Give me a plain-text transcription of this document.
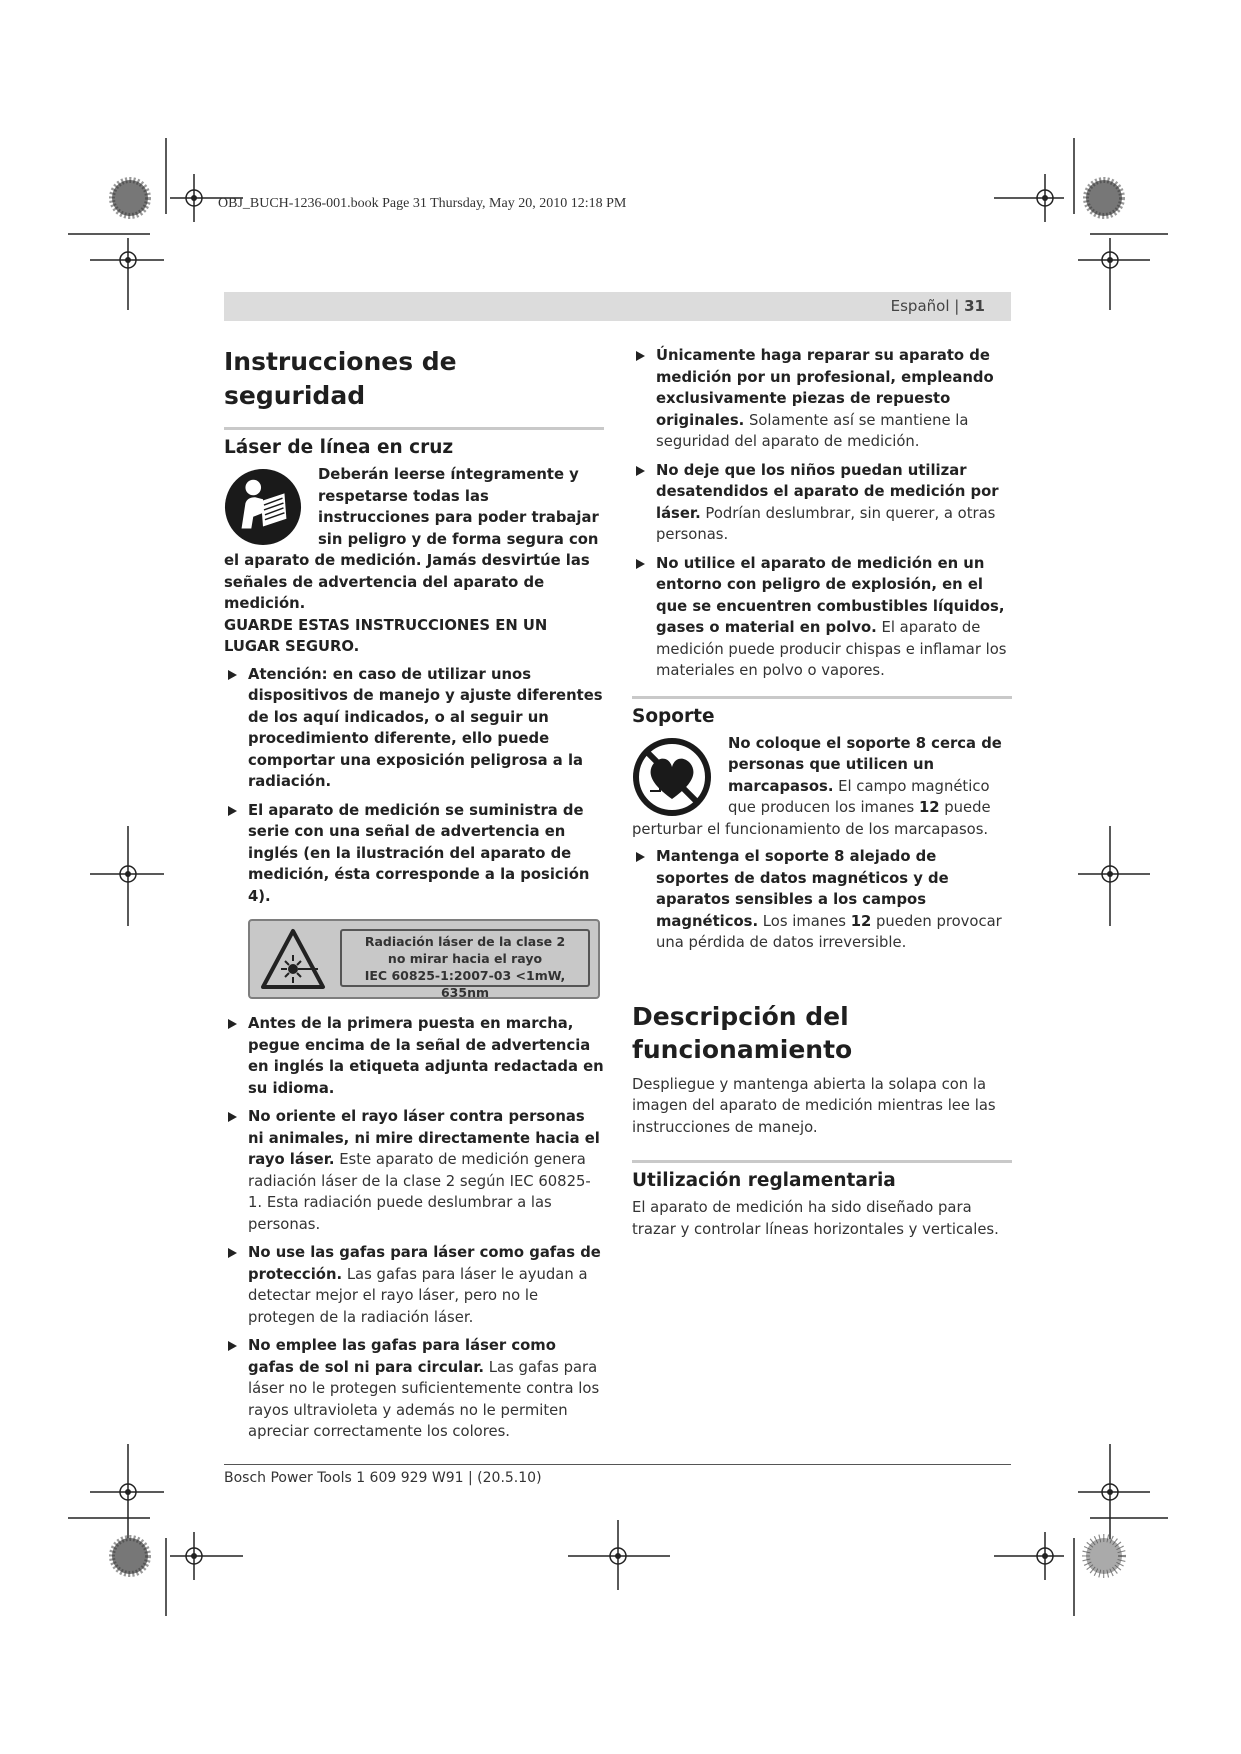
OBJ_BUCH-1236-001.book Page 31 Thursday, May 20, 2010 12:18 PM
Español | 31
Instrucciones de seguridad
Láser de línea en cruz

Deberán leerse íntegramente y respetarse todas las instrucciones para poder trabajar sin peligro y de forma segura con el aparato de medición. Jamás desvirtúe las señales de advertencia del aparato de medición.

GUARDE ESTAS INSTRUCCIONES EN UN LUGAR SEGURO.

Atención: en caso de utilizar unos dispositivos de manejo y ajuste diferentes de los aquí indicados, o al seguir un procedimiento diferente, ello puede comportar una exposición peligrosa a la radiación.
El aparato de medición se suministra de serie con una señal de advertencia en inglés (en la ilustración del aparato de medición, ésta corresponde a la posición 4).
Radiación láser de la clase 2
no mirar hacia el rayo
IEC 60825-1:2007-03 <1mW, 635nm
Antes de la primera puesta en marcha, pegue encima de la señal de advertencia en inglés la etiqueta adjunta redactada en su idioma.
No oriente el rayo láser contra personas ni animales, ni mire directamente hacia el rayo láser. Este aparato de medición genera radiación láser de la clase 2 según IEC 60825-1. Esta radiación puede deslumbrar a las personas.
No use las gafas para láser como gafas de protección. Las gafas para láser le ayudan a detectar mejor el rayo láser, pero no le protegen de la radiación láser.
No emplee las gafas para láser como gafas de sol ni para circular. Las gafas para láser no le protegen suficientemente contra los rayos ultravioleta y además no le permiten apreciar correctamente los colores.
Únicamente haga reparar su aparato de medición por un profesional, empleando exclusivamente piezas de repuesto originales. Solamente así se mantiene la seguridad del aparato de medición.
No deje que los niños puedan utilizar desatendidos el aparato de medición por láser. Podrían deslumbrar, sin querer, a otras personas.
No utilice el aparato de medición en un entorno con peligro de explosión, en el que se encuentren combustibles líquidos, gases o material en polvo. El aparato de medición puede producir chispas e inflamar los materiales en polvo o vapores.
Soporte
No coloque el soporte 8 cerca de personas que utilicen un marcapasos. El campo magnético que producen los imanes 12 puede perturbar el funcionamiento de los marcapasos.
Mantenga el soporte 8 alejado de soportes de datos magnéticos y de aparatos sensibles a los campos magnéticos. Los imanes 12 pueden provocar una pérdida de datos irreversible.
Descripción del funcionamiento

Despliegue y mantenga abierta la solapa con la imagen del aparato de medición mientras lee las instrucciones de manejo.

Utilización reglamentaria

El aparato de medición ha sido diseñado para trazar y controlar líneas horizontales y verticales.

Bosch Power Tools 1 609 929 W91 | (20.5.10)
